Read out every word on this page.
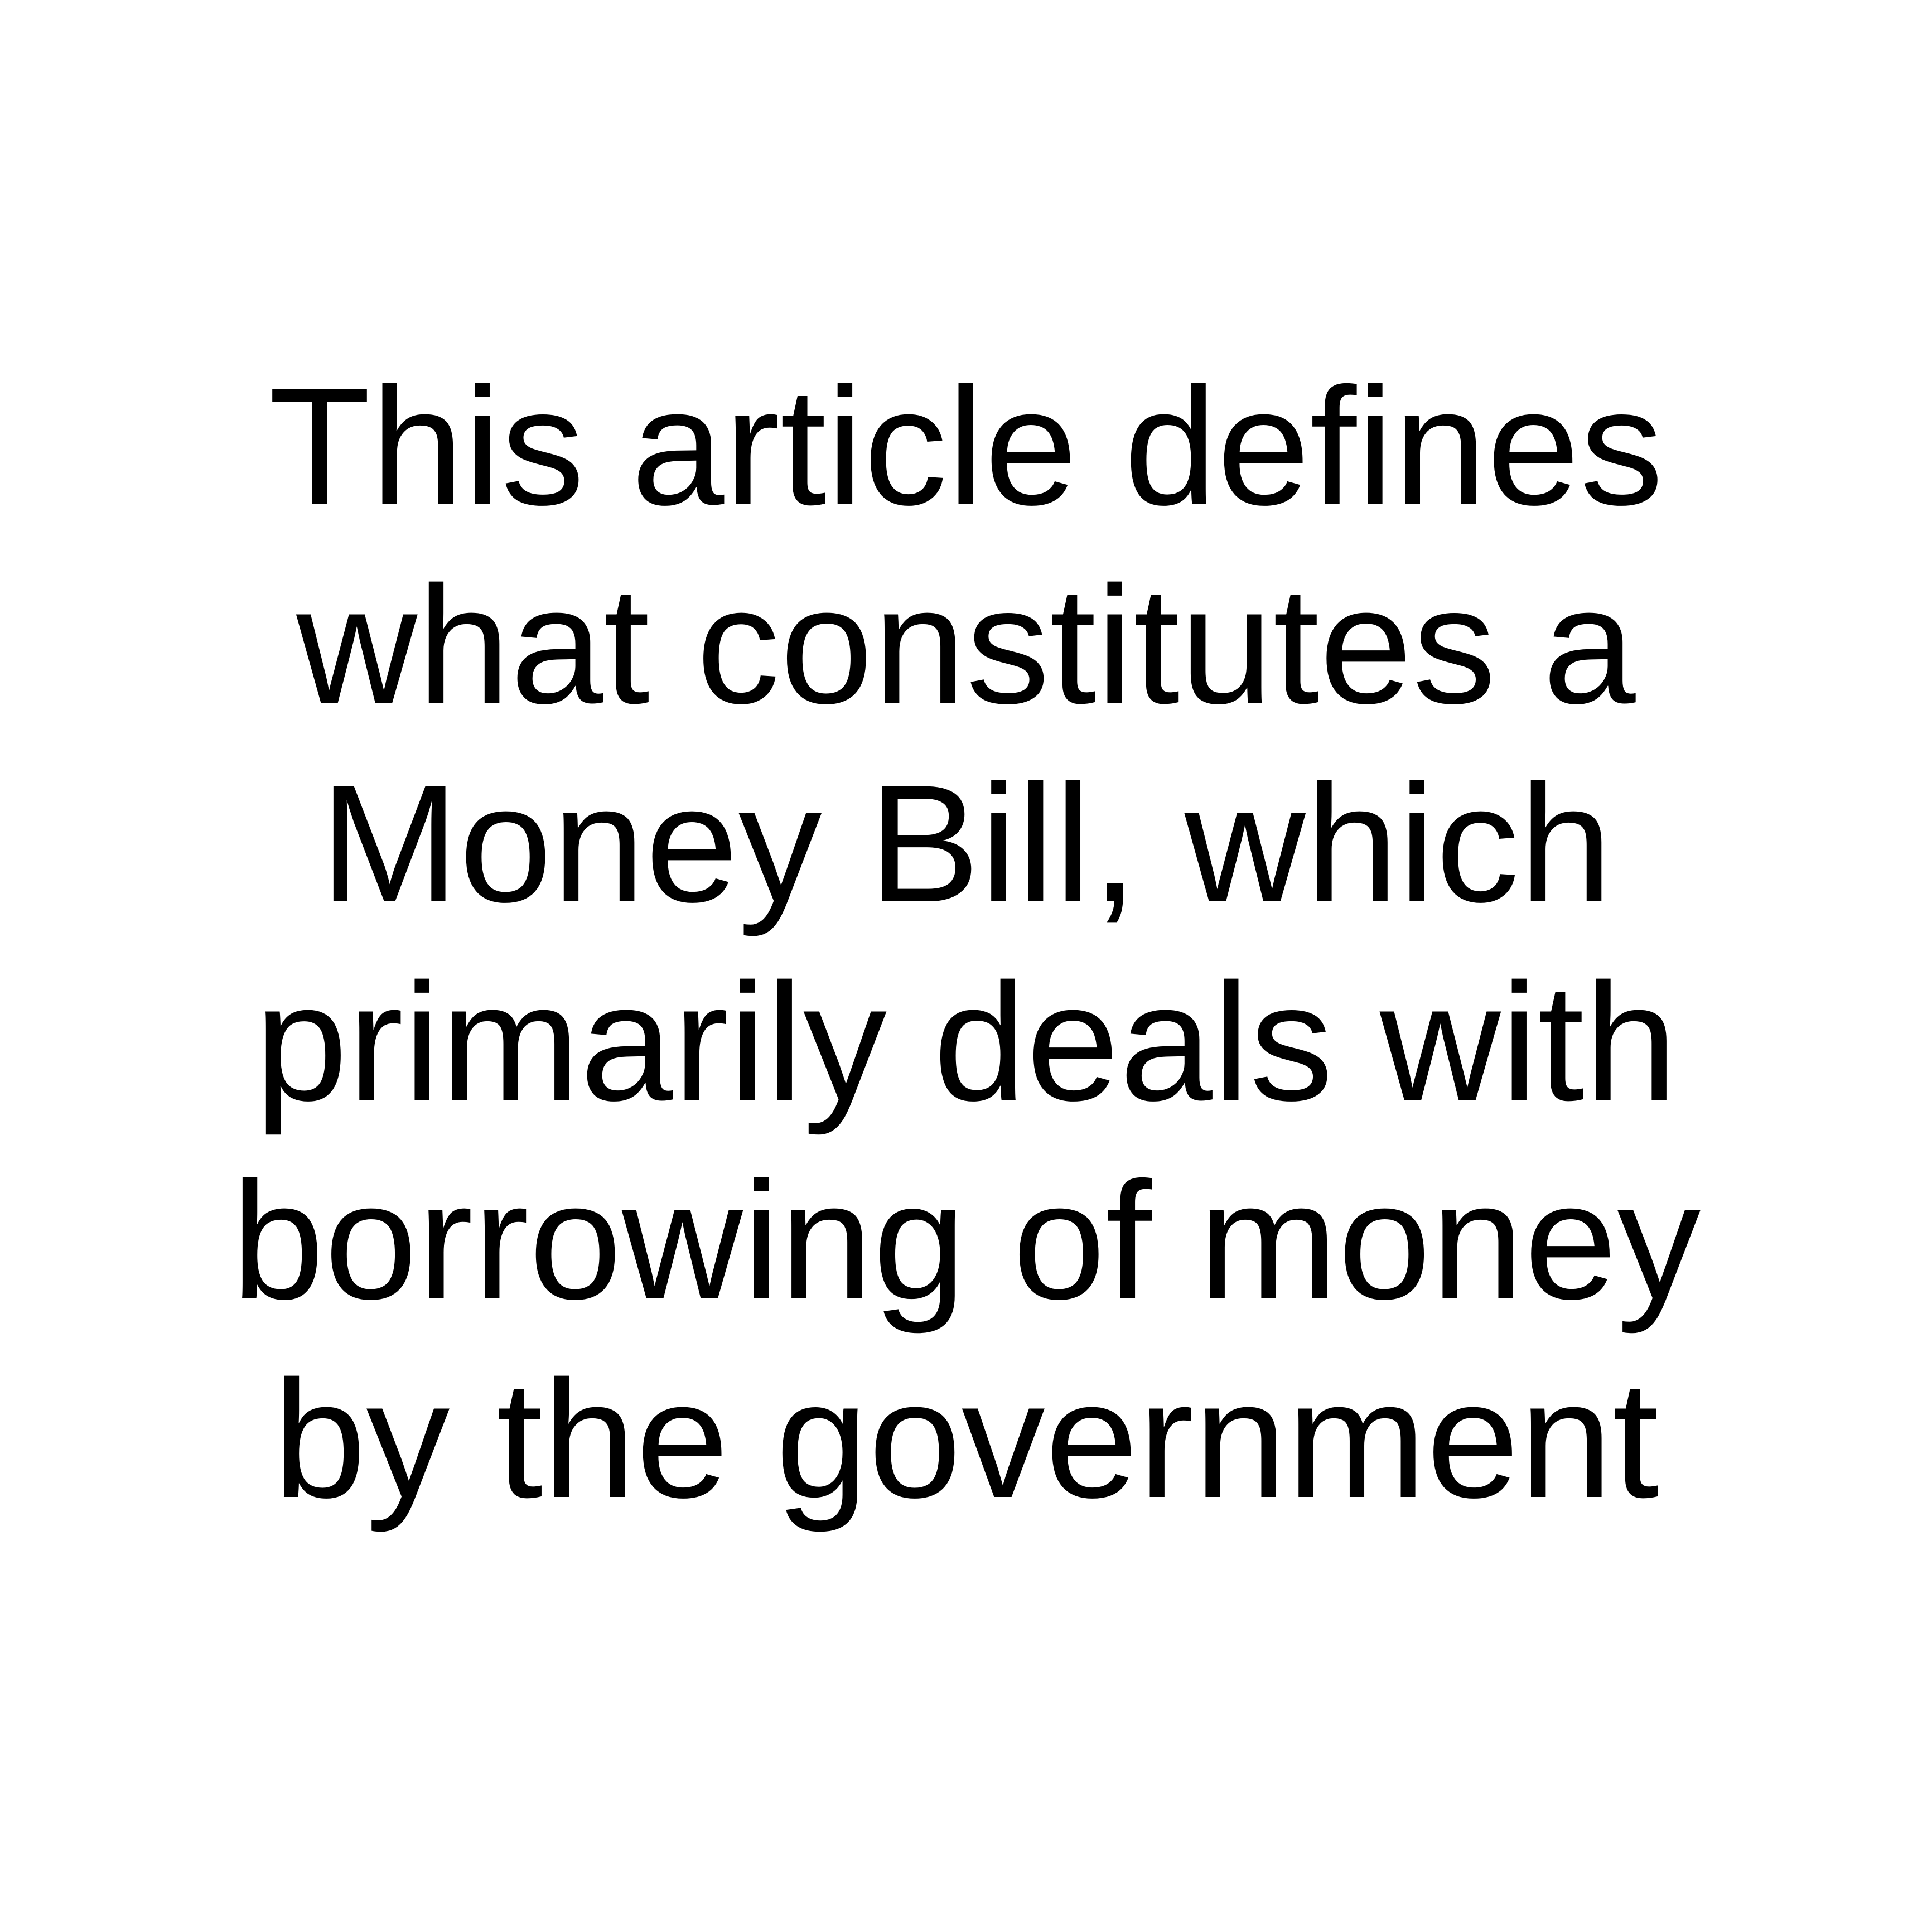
This article defines
what constitutes a
Money Bill, which
primarily deals with
borrowing of money
by the government
